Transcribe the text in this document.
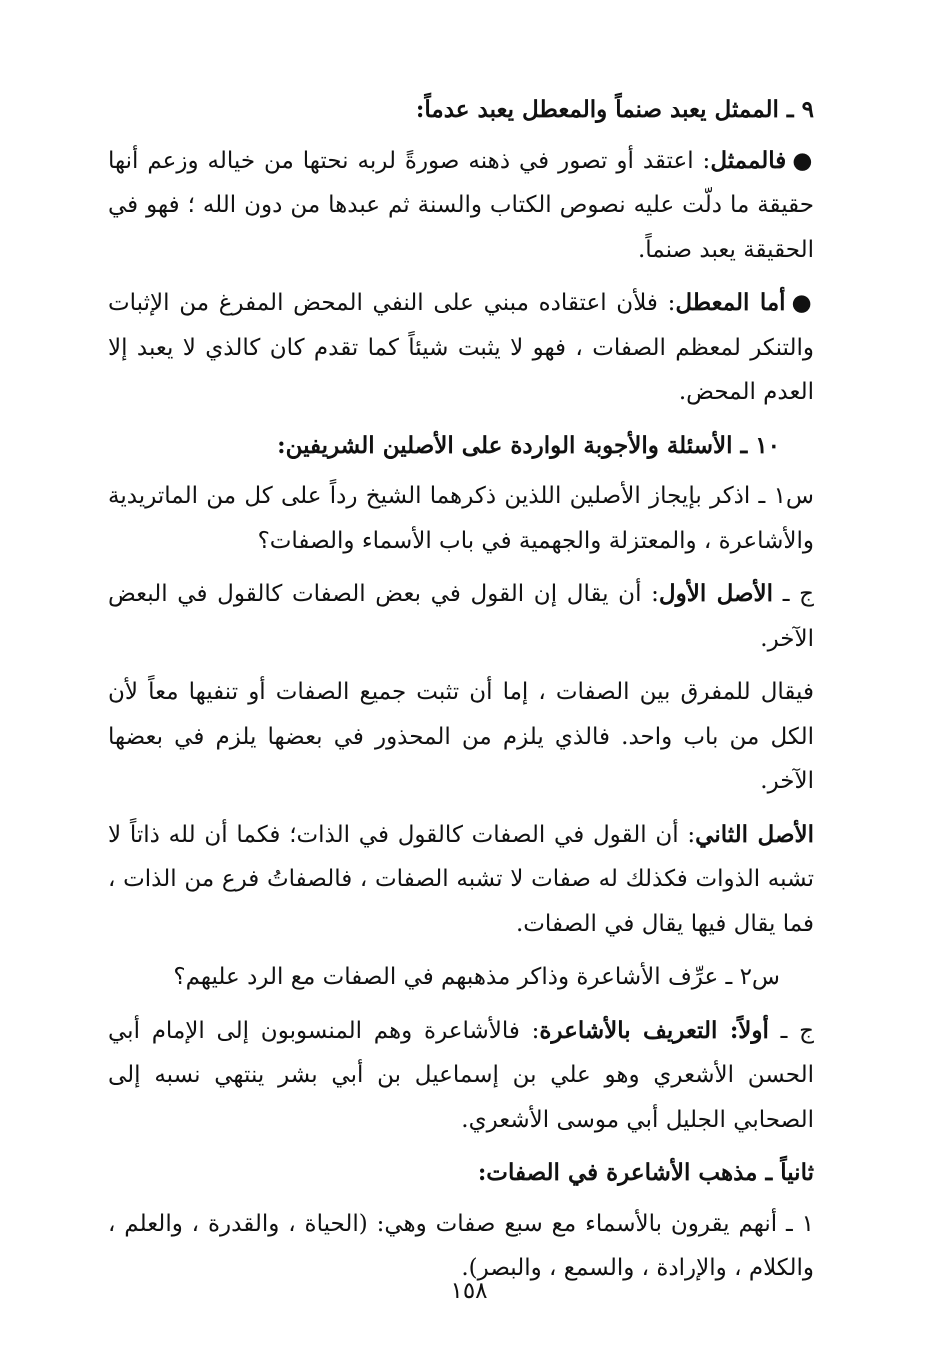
٩ ـ الممثل يعبد صنماً والمعطل يعبد عدماً:

●فالممثل: اعتقد أو تصور في ذهنه صورةً لربه نحتها من خياله وزعم أنها حقيقة ما دلّت عليه نصوص الكتاب والسنة ثم عبدها من دون الله ؛ فهو في الحقيقة يعبد صنماً.

●أما المعطل: فلأن اعتقاده مبني على النفي المحض المفرغ من الإثبات والتنكر لمعظم الصفات ، فهو لا يثبت شيئاً كما تقدم كان كالذي لا يعبد إلا العدم المحض.

١٠ ـ الأسئلة والأجوبة الواردة على الأصلين الشريفين:

س١ ـ اذكر بإيجاز الأصلين اللذين ذكرهما الشيخ رداً على كل من الماتريدية والأشاعرة ، والمعتزلة والجهمية في باب الأسماء والصفات؟

ج ـ الأصل الأول: أن يقال إن القول في بعض الصفات كالقول في البعض الآخر.

فيقال للمفرق بين الصفات ، إما أن تثبت جميع الصفات أو تنفيها معاً لأن الكل من باب واحد. فالذي يلزم من المحذور في بعضها يلزم في بعضها الآخر.

الأصل الثاني: أن القول في الصفات كالقول في الذات؛ فكما أن لله ذاتاً لا تشبه الذوات فكذلك له صفات لا تشبه الصفات ، فالصفاتُ فرع من الذات ، فما يقال فيها يقال في الصفات.

س٢ ـ عرِّف الأشاعرة وذاكر مذهبهم في الصفات مع الرد عليهم؟

ج ـ أولاً: التعريف بالأشاعرة: فالأشاعرة وهم المنسوبون إلى الإمام أبي الحسن الأشعري وهو علي بن إسماعيل بن أبي بشر ينتهي نسبه إلى الصحابي الجليل أبي موسى الأشعري.

ثانياً ـ مذهب الأشاعرة في الصفات:

١ ـ أنهم يقرون بالأسماء مع سبع صفات وهي: (الحياة ، والقدرة ، والعلم ، والكلام ، والإرادة ، والسمع ، والبصر).

١٥٨
